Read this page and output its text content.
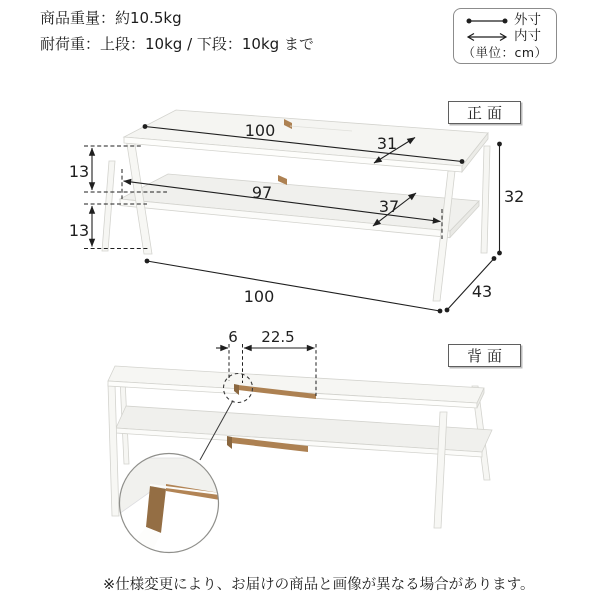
100
31
13
13
97
37
32
100	43
6 22.5
商品重量：約10.5kg
耐荷重：上段：10kg / 下段：10kg まで
外寸
内寸
（単位：cm）
正面
背面
※仕様変更により、お届けの商品と画像が異なる場合があります。
